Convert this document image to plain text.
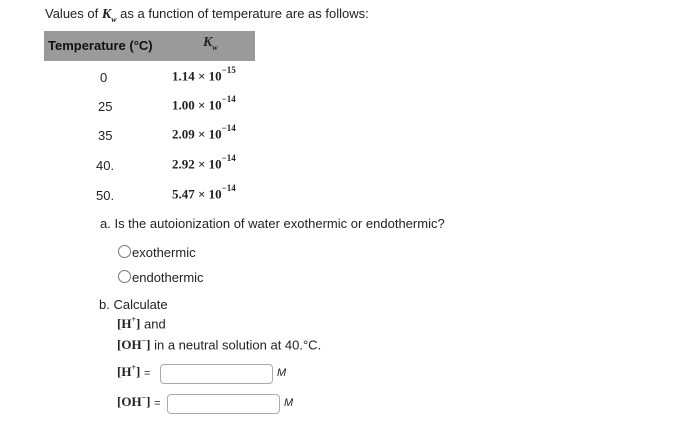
Values of $K_w$ as a function of temperature are as follows:
Temperature (°C)	$K_w$
0	$1.14 \times 10^{-15}$
25	$1.00 \times 10^{-14}$
35	$2.09 \times 10^{-14}$
40.	$2.92 \times 10^{-14}$
50.	$5.47 \times 10^{-14}$
a. Is the autoionization of water exothermic or endothermic?
exothermic
endothermic
b. Calculate
[H+] and
[OH−] in a neutral solution at 40.°C.
[H+] =	M
[OH−] =	M
